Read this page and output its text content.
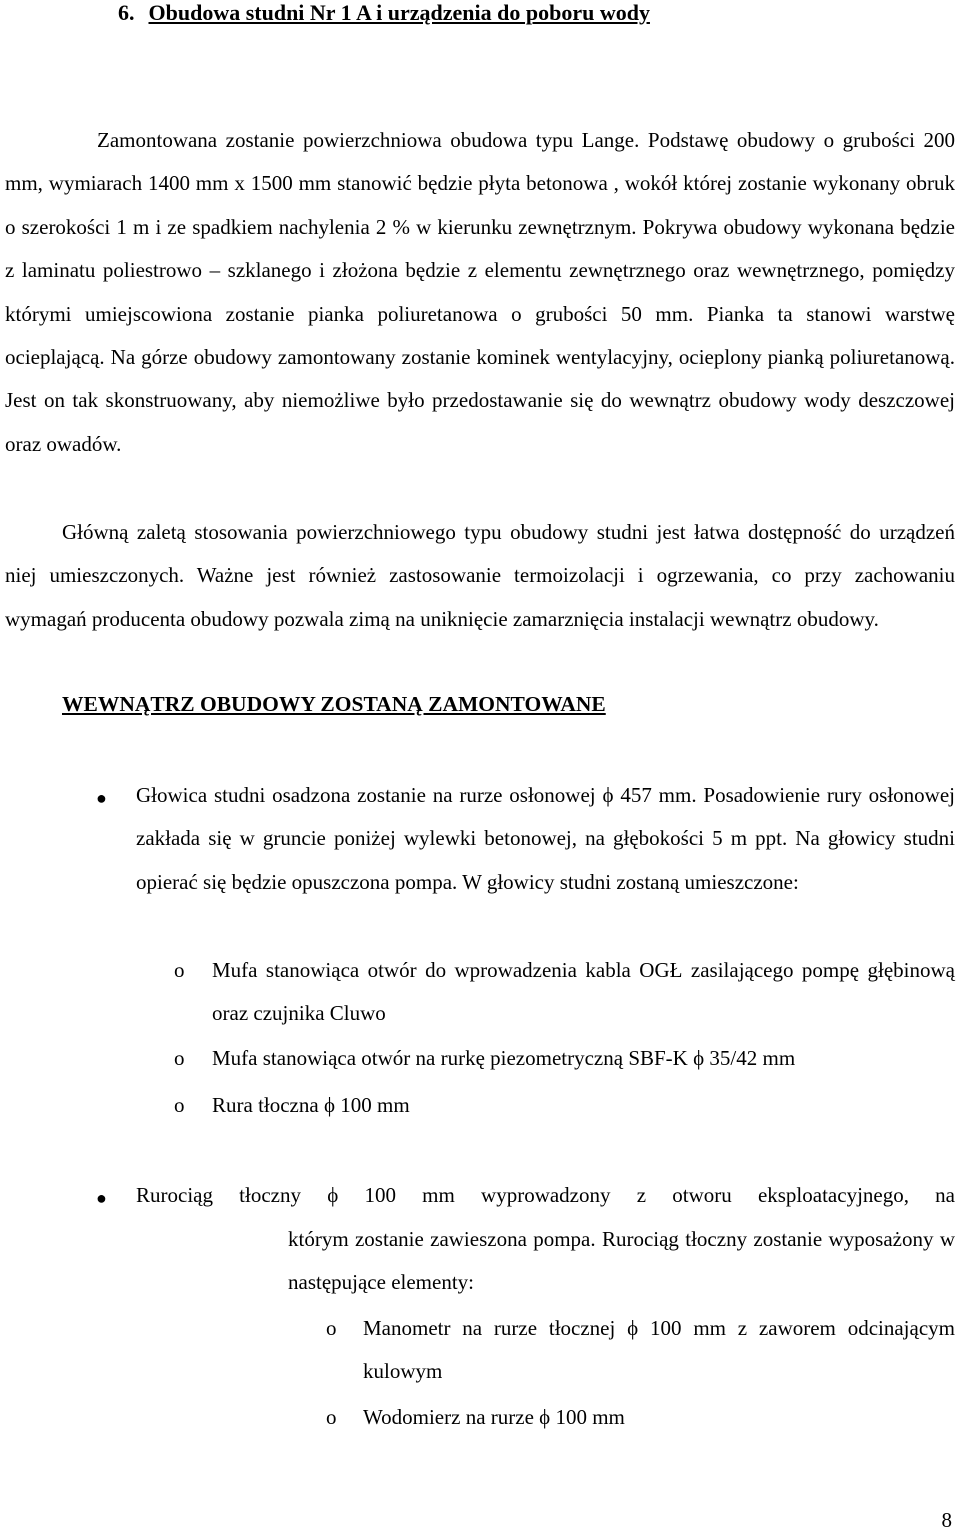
6. Obudowa studni Nr 1 A i urządzenia do poboru wody

Zamontowana zostanie powierzchniowa obudowa typu Lange. Podstawę obudowy o grubości 200 mm, wymiarach 1400 mm x 1500 mm stanowić będzie płyta betonowa , wokół której zostanie wykonany obruk o szerokości 1 m i ze spadkiem nachylenia 2 % w kierunku zewnętrznym. Pokrywa obudowy wykonana będzie z laminatu poliestrowo – szklanego i złożona będzie z elementu zewnętrznego oraz wewnętrznego, pomiędzy którymi umiejscowiona zostanie pianka poliuretanowa o grubości 50 mm. Pianka ta stanowi warstwę ocieplającą. Na górze obudowy zamontowany zostanie kominek wentylacyjny, ocieplony pianką poliuretanową. Jest on tak skonstruowany, aby niemożliwe było przedostawanie się do wewnątrz obudowy wody deszczowej oraz owadów.

Główną zaletą stosowania powierzchniowego typu obudowy studni jest łatwa dostępność do urządzeń niej umieszczonych. Ważne jest również zastosowanie termoizolacji i ogrzewania, co przy zachowaniu wymagań producenta obudowy pozwala zimą na uniknięcie zamarznięcia instalacji wewnątrz obudowy.

WEWNĄTRZ OBUDOWY ZOSTANĄ ZAMONTOWANE
● Głowica studni osadzona zostanie na rurze osłonowej ϕ 457 mm. Posadowienie rury osłonowej zakłada się w gruncie poniżej wylewki betonowej, na głębokości 5 m ppt. Na głowicy studni opierać się będzie opuszczona pompa. W głowicy studni zostaną umieszczone:

o Mufa stanowiąca otwór do wprowadzenia kabla OGŁ zasilającego pompę głębinową oraz czujnika Cluwo

o Mufa stanowiąca otwór na rurkę piezometryczną SBF-K ϕ 35/42 mm

o Rura tłoczna ϕ 100 mm

● Rurociąg tłoczny ϕ 100 mm wyprowadzony z otworu eksploatacyjnego, na

którym zostanie zawieszona pompa. Rurociąg tłoczny zostanie wyposażony w następujące elementy:

o Manometr na rurze tłocznej ϕ 100 mm z zaworem odcinającym kulowym

o Wodomierz na rurze ϕ 100 mm

8
